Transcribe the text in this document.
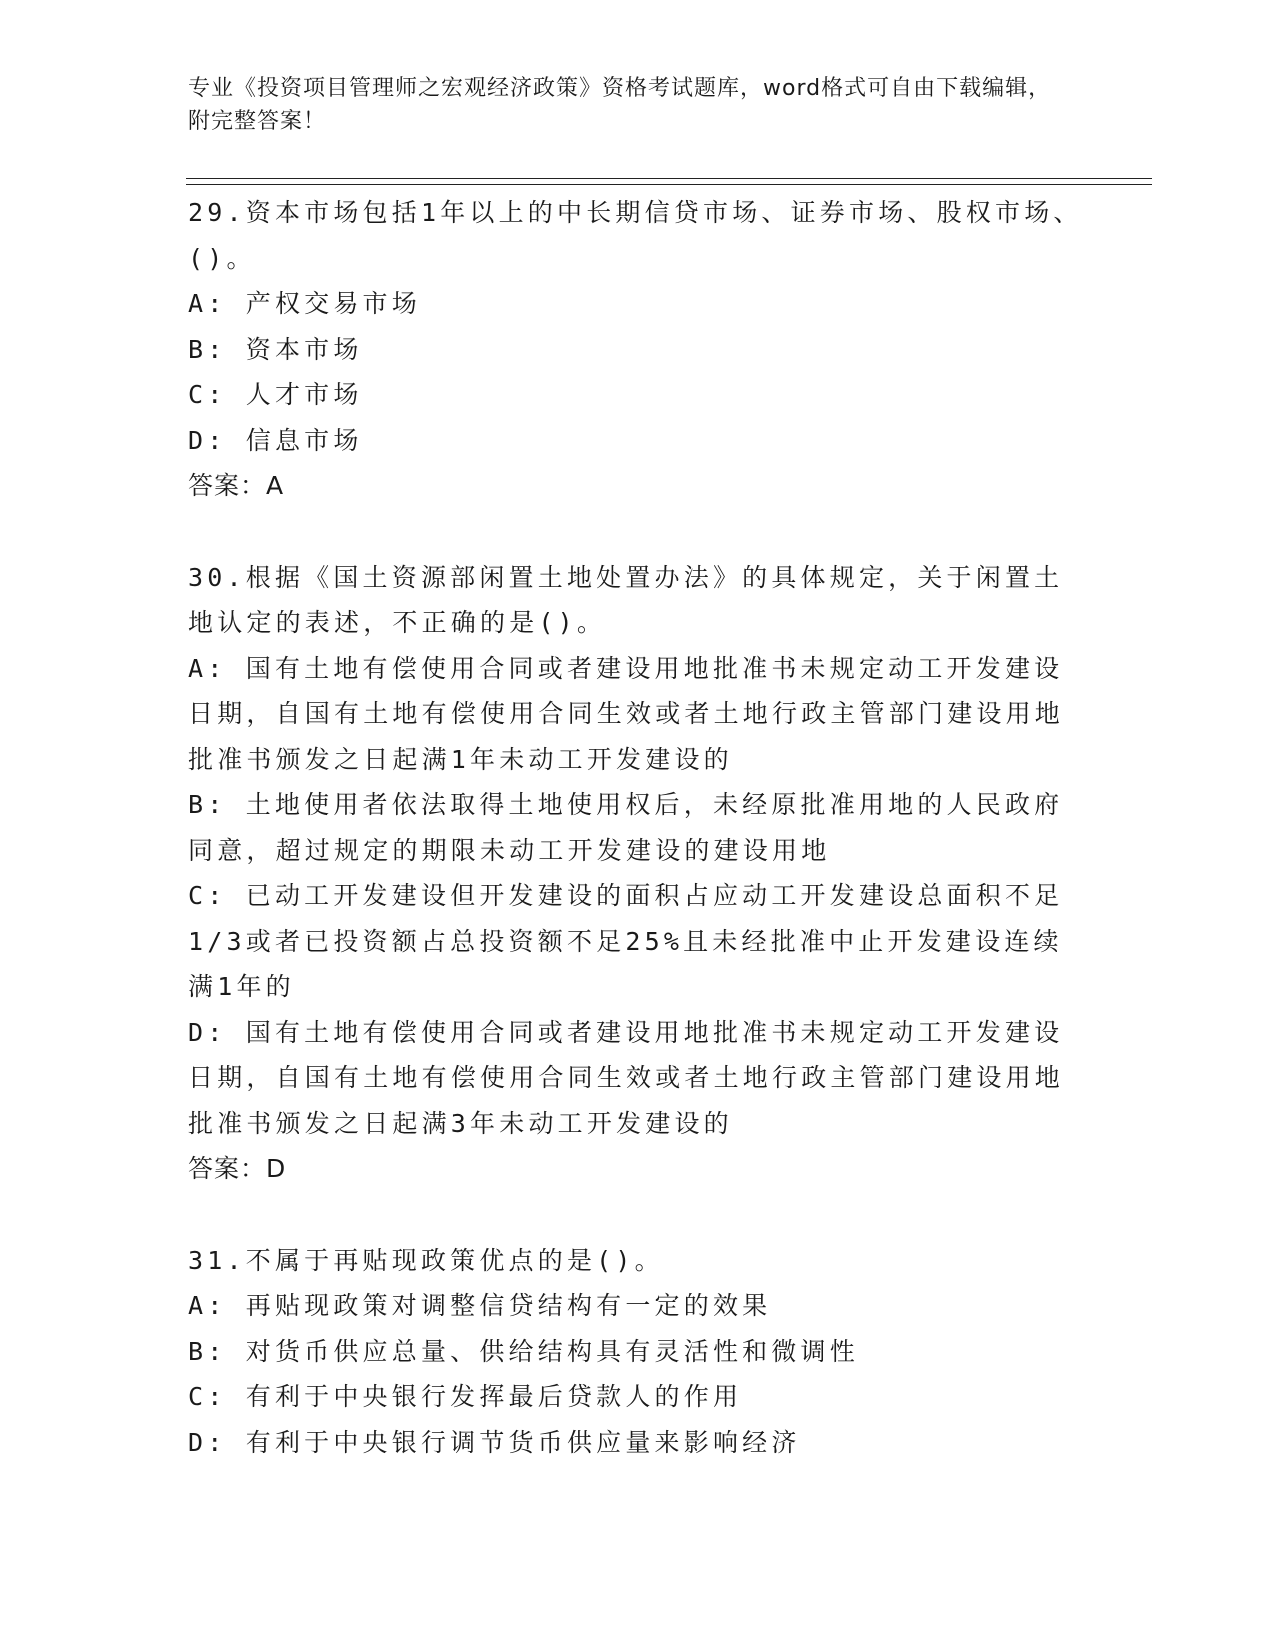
专业《投资项目管理师之宏观经济政策》资格考试题库，word格式可自由下载编辑，附完整答案！
29.资本市场包括1年以上的中长期信贷市场、证券市场、股权市场、()。
A: 产权交易市场
B: 资本市场
C: 人才市场
D: 信息市场
答案：A
30.根据《国土资源部闲置土地处置办法》的具体规定，关于闲置土地认定的表述，不正确的是()。
A: 国有土地有偿使用合同或者建设用地批准书未规定动工开发建设日期，自国有土地有偿使用合同生效或者土地行政主管部门建设用地批准书颁发之日起满1年未动工开发建设的
B: 土地使用者依法取得土地使用权后，未经原批准用地的人民政府同意，超过规定的期限未动工开发建设的建设用地
C: 已动工开发建设但开发建设的面积占应动工开发建设总面积不足1/3或者已投资额占总投资额不足25%且未经批准中止开发建设连续满1年的
D: 国有土地有偿使用合同或者建设用地批准书未规定动工开发建设日期，自国有土地有偿使用合同生效或者土地行政主管部门建设用地批准书颁发之日起满3年未动工开发建设的
答案：D
31.不属于再贴现政策优点的是()。
A: 再贴现政策对调整信贷结构有一定的效果
B: 对货币供应总量、供给结构具有灵活性和微调性
C: 有利于中央银行发挥最后贷款人的作用
D: 有利于中央银行调节货币供应量来影响经济
